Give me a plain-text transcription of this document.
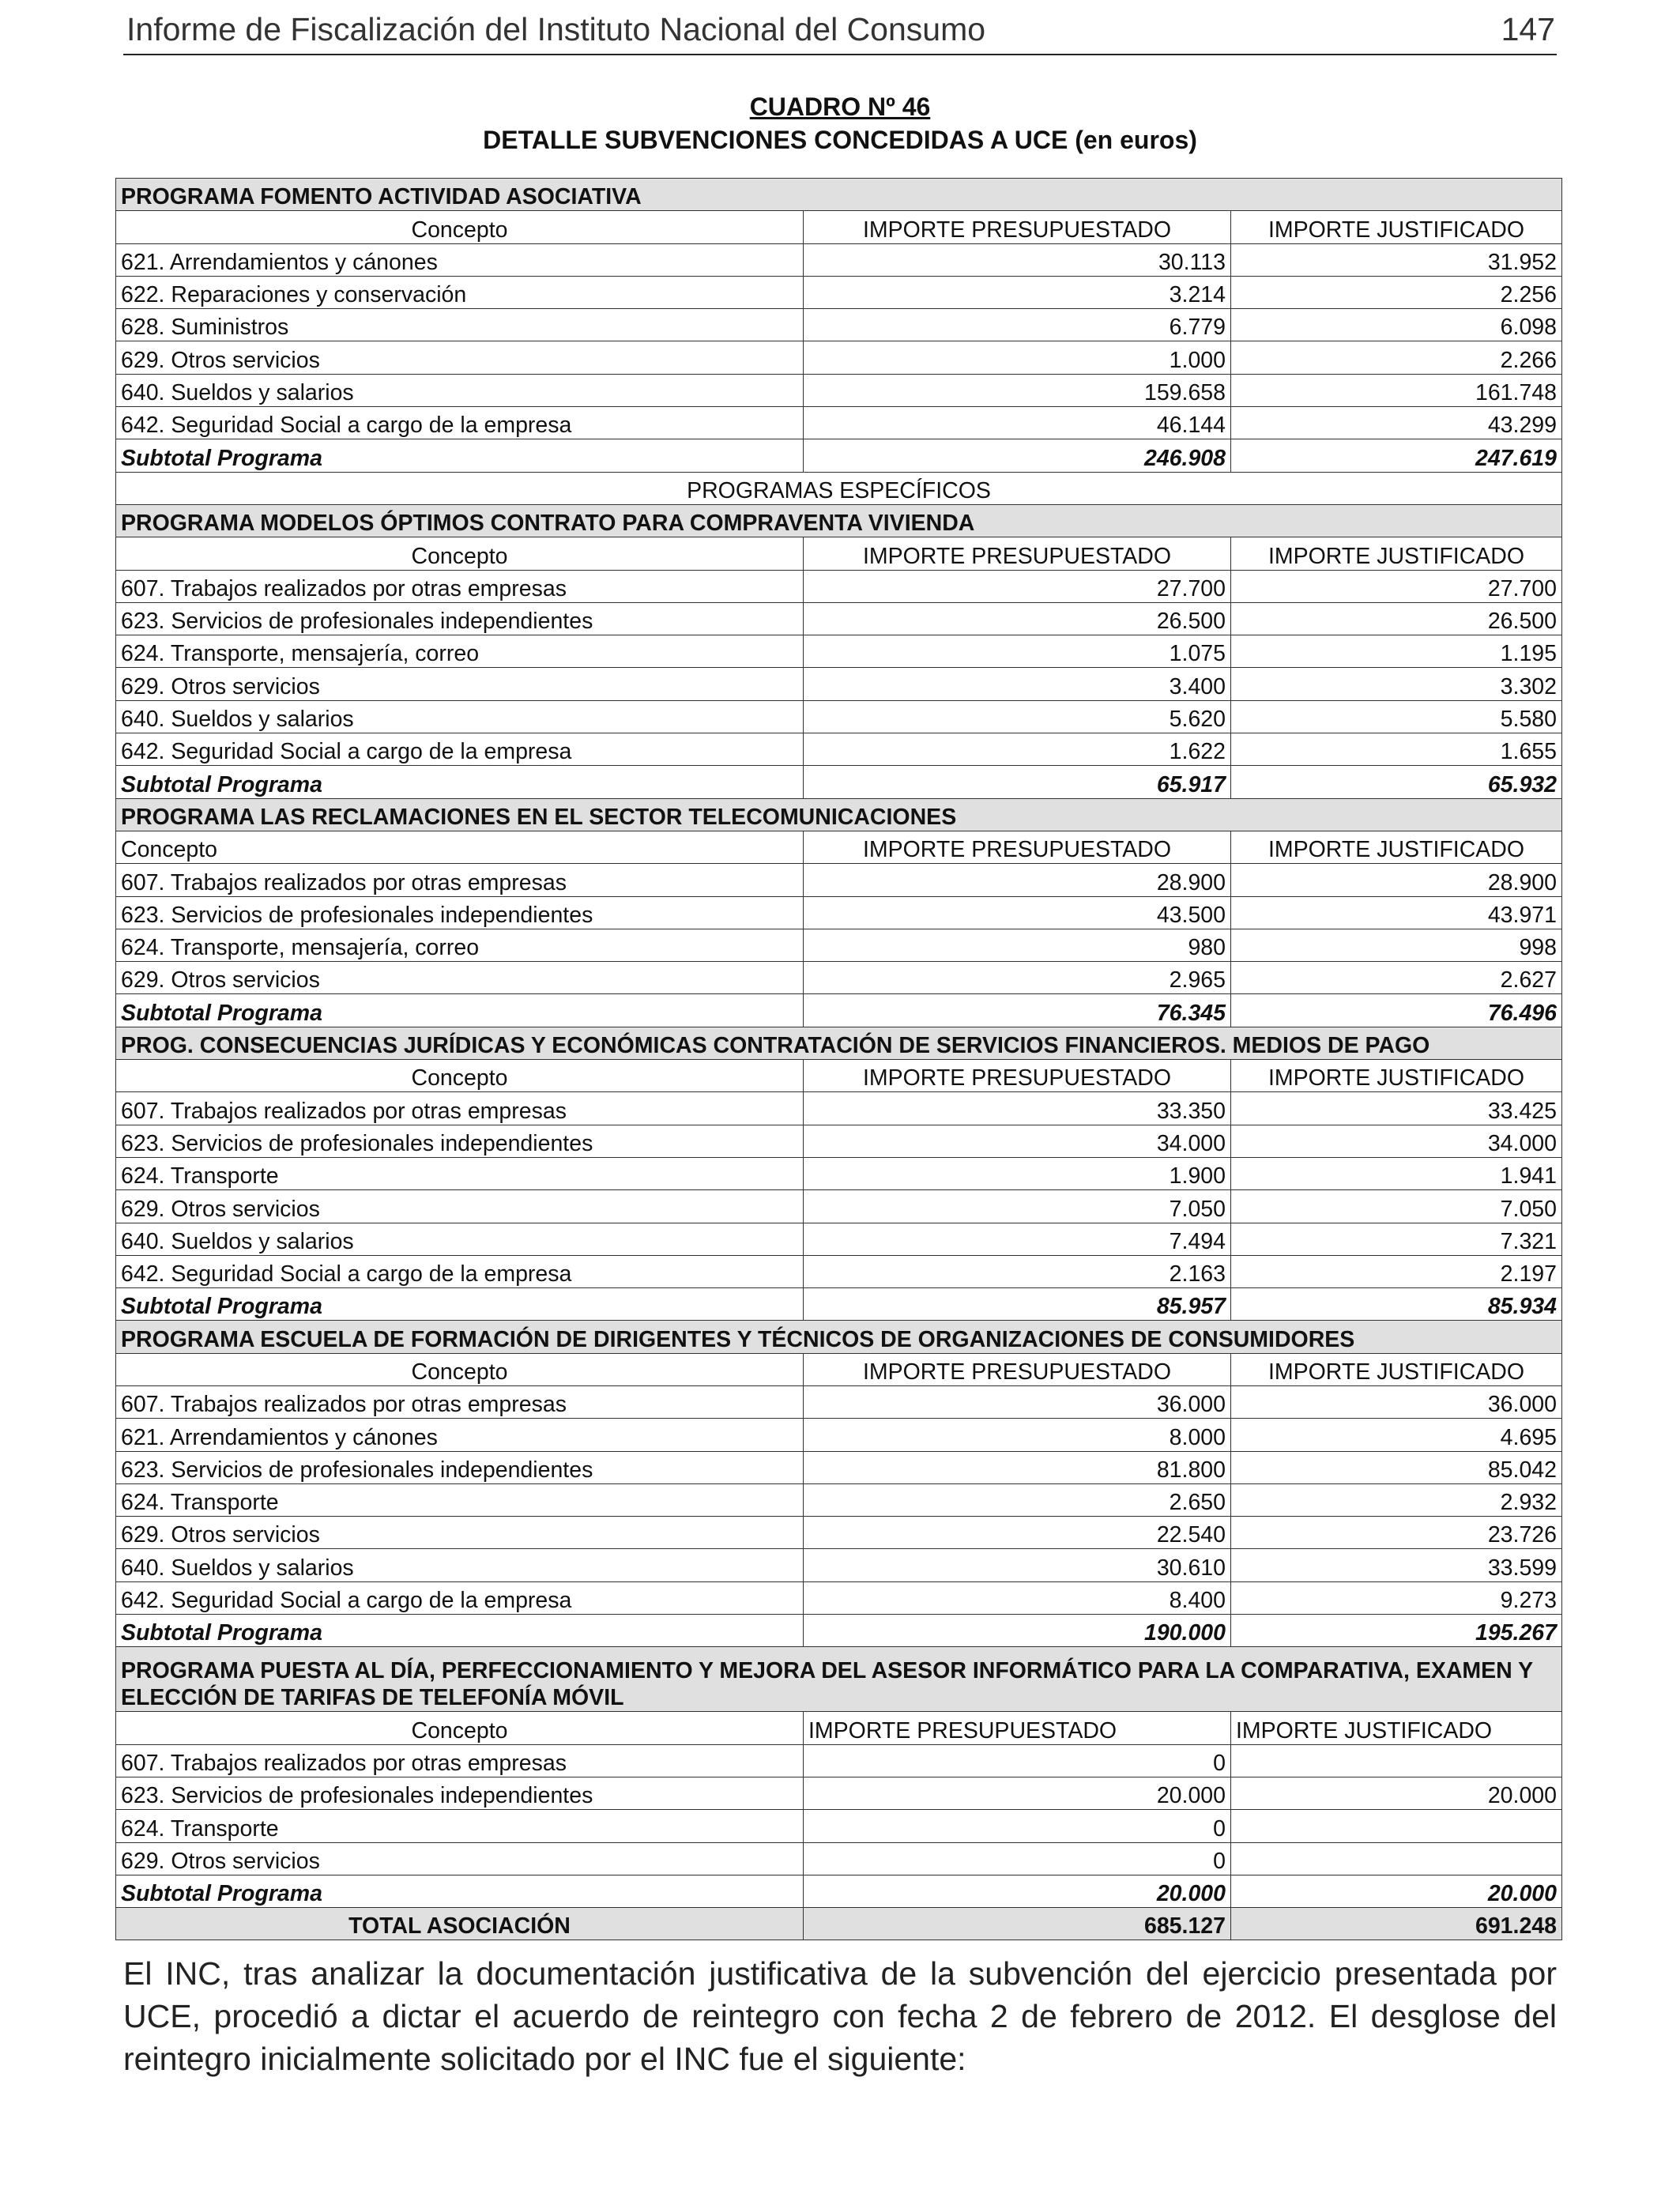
Informe de Fiscalización del Instituto Nacional del Consumo	147
CUADRO Nº 46
DETALLE SUBVENCIONES CONCEDIDAS A UCE (en euros)
PROGRAMA FOMENTO ACTIVIDAD ASOCIATIVA		
Concepto	IMPORTE PRESUPUESTADO	IMPORTE JUSTIFICADO
621. Arrendamientos y cánones	30.113	31.952
622. Reparaciones y conservación	3.214	2.256
628. Suministros	6.779	6.098
629. Otros servicios	1.000	2.266
640. Sueldos y salarios	159.658	161.748
642. Seguridad Social a cargo de la empresa	46.144	43.299
Subtotal Programa	246.908	247.619
PROGRAMAS ESPECÍFICOS		
PROGRAMA MODELOS ÓPTIMOS CONTRATO PARA COMPRAVENTA VIVIENDA		
Concepto	IMPORTE PRESUPUESTADO	IMPORTE JUSTIFICADO
607. Trabajos realizados por otras empresas	27.700	27.700
623. Servicios de profesionales independientes	26.500	26.500
624. Transporte, mensajería, correo	1.075	1.195
629. Otros servicios	3.400	3.302
640. Sueldos y salarios	5.620	5.580
642. Seguridad Social a cargo de la empresa	1.622	1.655
Subtotal Programa	65.917	65.932
PROGRAMA LAS RECLAMACIONES EN EL SECTOR TELECOMUNICACIONES		
Concepto	IMPORTE PRESUPUESTADO	IMPORTE JUSTIFICADO
607. Trabajos realizados por otras empresas	28.900	28.900
623. Servicios de profesionales independientes	43.500	43.971
624. Transporte, mensajería, correo	980	998
629. Otros servicios	2.965	2.627
Subtotal Programa	76.345	76.496
PROG. CONSECUENCIAS JURÍDICAS Y ECONÓMICAS CONTRATACIÓN DE SERVICIOS FINANCIEROS. MEDIOS DE PAGO		
Concepto	IMPORTE PRESUPUESTADO	IMPORTE JUSTIFICADO
607. Trabajos realizados por otras empresas	33.350	33.425
623. Servicios de profesionales independientes	34.000	34.000
624. Transporte	1.900	1.941
629. Otros servicios	7.050	7.050
640. Sueldos y salarios	7.494	7.321
642. Seguridad Social a cargo de la empresa	2.163	2.197
Subtotal Programa	85.957	85.934
PROGRAMA ESCUELA DE FORMACIÓN DE DIRIGENTES Y TÉCNICOS DE ORGANIZACIONES DE CONSUMIDORES		
Concepto	IMPORTE PRESUPUESTADO	IMPORTE JUSTIFICADO
607. Trabajos realizados por otras empresas	36.000	36.000
621. Arrendamientos y cánones	8.000	4.695
623. Servicios de profesionales independientes	81.800	85.042
624. Transporte	2.650	2.932
629. Otros servicios	22.540	23.726
640. Sueldos y salarios	30.610	33.599
642. Seguridad Social a cargo de la empresa	8.400	9.273
Subtotal Programa	190.000	195.267
PROGRAMA PUESTA AL DÍA, PERFECCIONAMIENTO Y MEJORA DEL ASESOR INFORMÁTICO PARA LA COMPARATIVA, EXAMEN Y ELECCIÓN DE TARIFAS DE TELEFONÍA MÓVIL		
Concepto	IMPORTE PRESUPUESTADO	IMPORTE JUSTIFICADO
607. Trabajos realizados por otras empresas	0	
623. Servicios de profesionales independientes	20.000	20.000
624. Transporte	0	
629. Otros servicios	0	
Subtotal Programa	20.000	20.000
TOTAL ASOCIACIÓN	685.127	691.248
El INC, tras analizar la documentación justificativa de la subvención del ejercicio presentada por UCE, procedió a dictar el acuerdo de reintegro con fecha 2 de febrero de 2012. El desglose del reintegro inicialmente solicitado por el INC fue el siguiente:
